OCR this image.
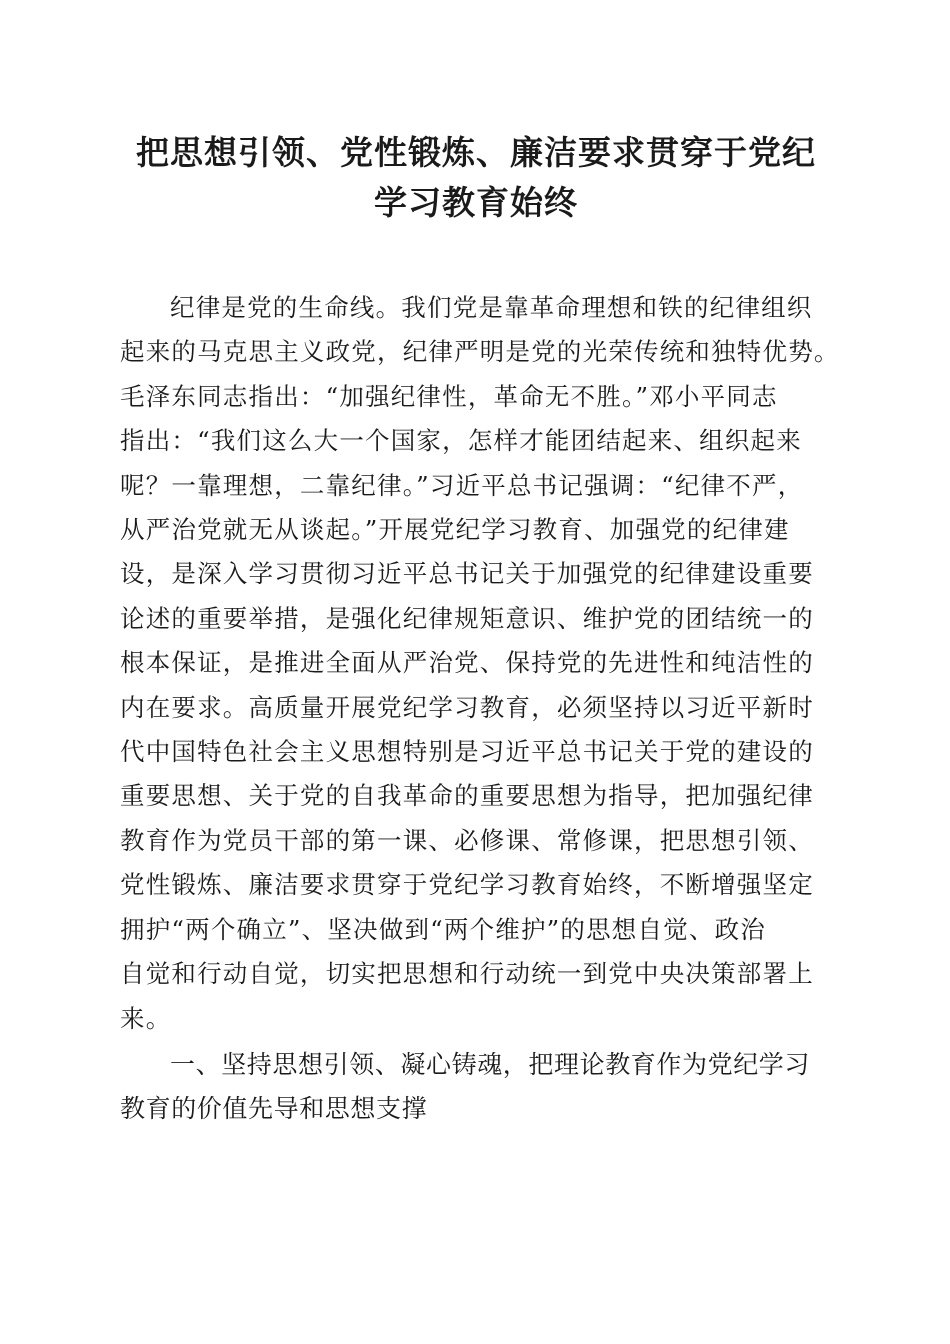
把思想引领、党性锻炼、廉洁要求贯穿于党纪
学习教育始终
纪律是党的生命线。我们党是靠革命理想和铁的纪律组织
起来的马克思主义政党，纪律严明是党的光荣传统和独特优势。
毛泽东同志指出：“加强纪律性，革命无不胜。”邓小平同志
指出：“我们这么大一个国家，怎样才能团结起来、组织起来
呢？一靠理想，二靠纪律。”习近平总书记强调：“纪律不严，
从严治党就无从谈起。”开展党纪学习教育、加强党的纪律建
设，是深入学习贯彻习近平总书记关于加强党的纪律建设重要
论述的重要举措，是强化纪律规矩意识、维护党的团结统一的
根本保证，是推进全面从严治党、保持党的先进性和纯洁性的
内在要求。高质量开展党纪学习教育，必须坚持以习近平新时
代中国特色社会主义思想特别是习近平总书记关于党的建设的
重要思想、关于党的自我革命的重要思想为指导，把加强纪律
教育作为党员干部的第一课、必修课、常修课，把思想引领、
党性锻炼、廉洁要求贯穿于党纪学习教育始终，不断增强坚定
拥护“两个确立”、坚决做到“两个维护”的思想自觉、政治
自觉和行动自觉，切实把思想和行动统一到党中央决策部署上
来。
一、坚持思想引领、凝心铸魂，把理论教育作为党纪学习
教育的价值先导和思想支撑
